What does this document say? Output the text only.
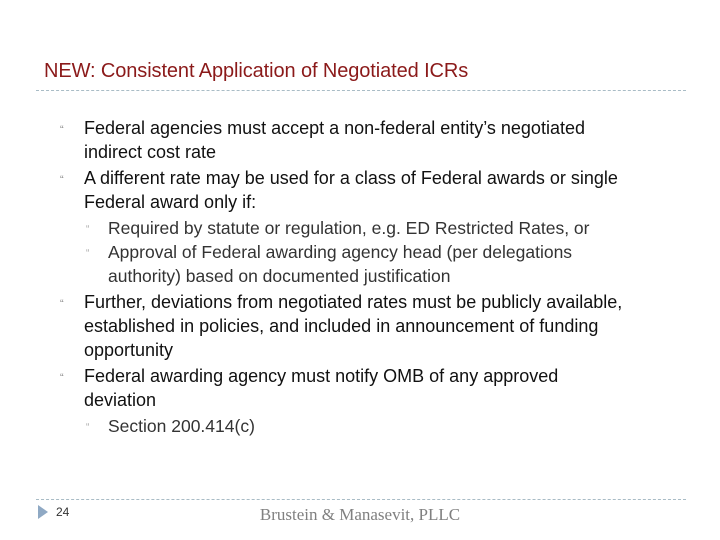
NEW: Consistent Application of Negotiated ICRs
“ Federal agencies must accept a non-federal entity’s negotiated
indirect cost rate
“ A different rate may be used for a class of Federal awards or single
Federal award only if:
“ Required by statute or regulation, e.g. ED Restricted Rates, or
“ Approval of Federal awarding agency head (per delegations
authority) based on documented justification
“ Further, deviations from negotiated rates must be publicly available,
established in policies, and included in announcement of funding
opportunity
“ Federal awarding agency must notify OMB of any approved
deviation
“ Section 200.414(c)
24	Brustein & Manasevit, PLLC
